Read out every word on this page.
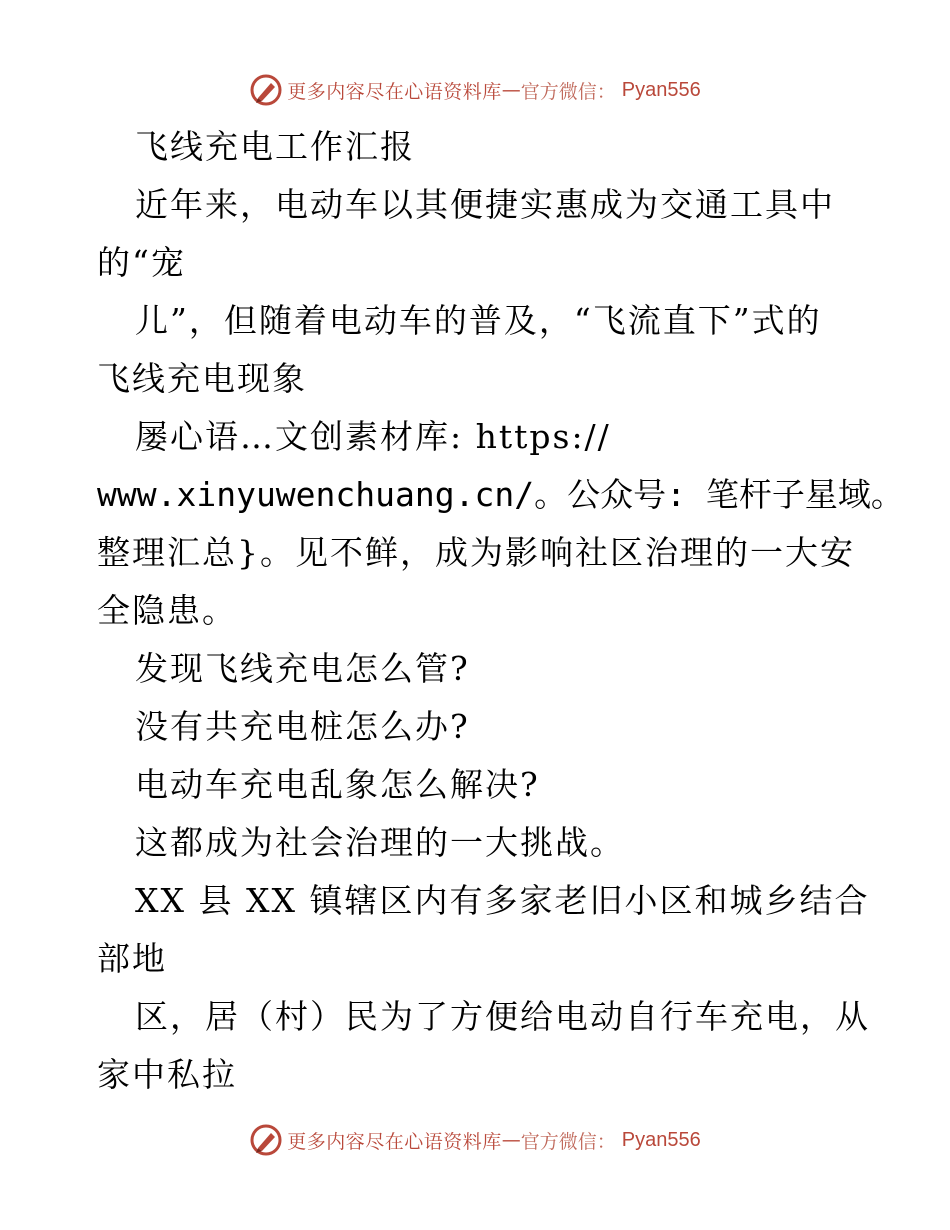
更多内容尽在心语资料库 — 官方微信： Pyan556
飞线充电工作汇报
近年来，电动车以其便捷实惠成为交通工具中
的“宠
儿”，但随着电动车的普及，“飞流直下”式的
飞线充电现象
屡心语…文创素材库: https://
www.xinyuwenchuang.cn/。公众号: 笔杆子星域。
整理汇总}。见不鲜，成为影响社区治理的一大安
全隐患。
发现飞线充电怎么管?
没有共充电桩怎么办?
电动车充电乱象怎么解决?
这都成为社会治理的一大挑战。
XX 县 XX 镇辖区内有多家老旧小区和城乡结合
部地
区，居（村）民为了方便给电动自行车充电，从
家中私拉
更多内容尽在心语资料库 — 官方微信： Pyan556
